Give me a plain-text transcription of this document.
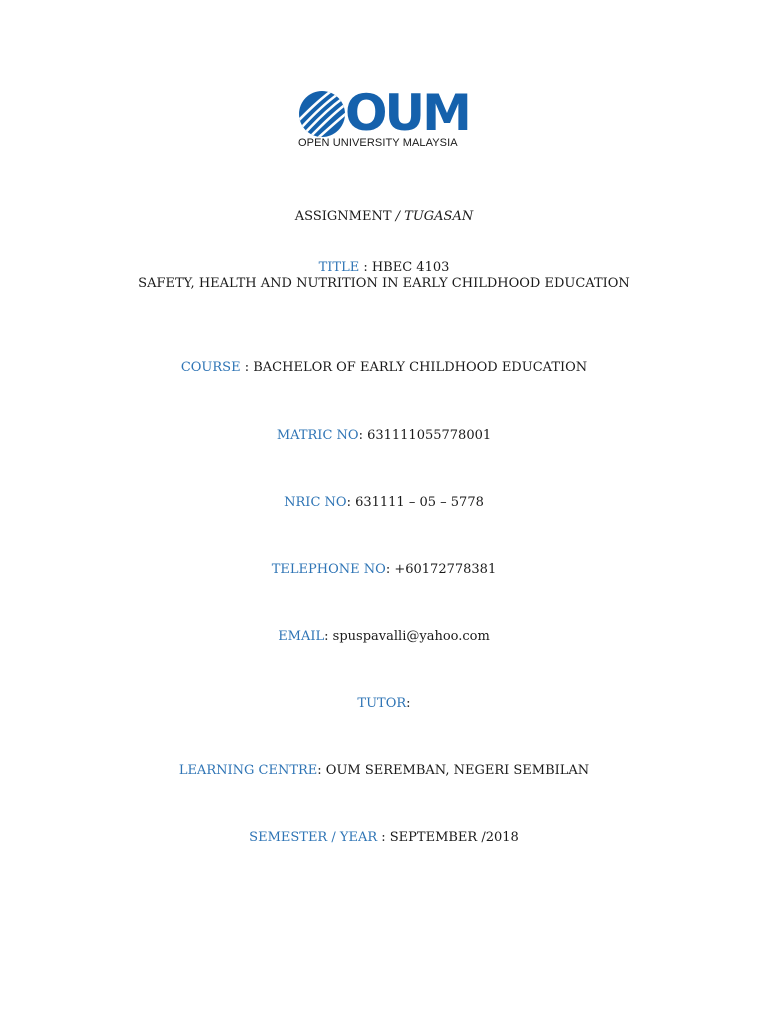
OUM
OPEN UNIVERSITY MALAYSIA
ASSIGNMENT / TUGASAN
TITLE : HBEC 4103
SAFETY, HEALTH AND NUTRITION IN EARLY CHILDHOOD EDUCATION
COURSE : BACHELOR OF EARLY CHILDHOOD EDUCATION
MATRIC NO: 631111055778001
NRIC NO: 631111 – 05 – 5778
TELEPHONE NO: +60172778381
EMAIL: spuspavalli@yahoo.com
TUTOR:
LEARNING CENTRE: OUM SEREMBAN, NEGERI SEMBILAN
SEMESTER / YEAR : SEPTEMBER /2018
